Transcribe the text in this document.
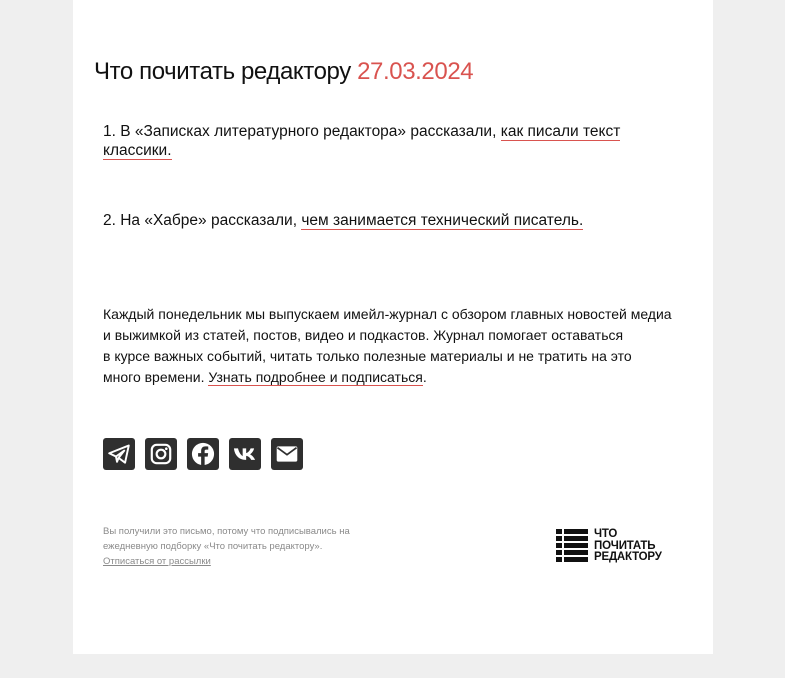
Что почитать редактору 27.03.2024

1. В «Записках литературного редактора» рассказали, как писали текст классики.

2. На «Хабре» рассказали, чем занимается технический писатель.

Каждый понедельник мы выпускаем имейл-журнал с обзором главных новостей медиа
и выжимкой из статей, постов, видео и подкастов. Журнал помогает оставаться
в курсе важных событий, читать только полезные материалы и не тратить на это
много времени. Узнать подробнее и подписаться.

Вы получили это письмо, потому что подписывались на
ежедневную подборку «Что почитать редактору».
Отписаться от рассылки

ЧТО
ПОЧИТАТЬ
РЕДАКТОРУ
